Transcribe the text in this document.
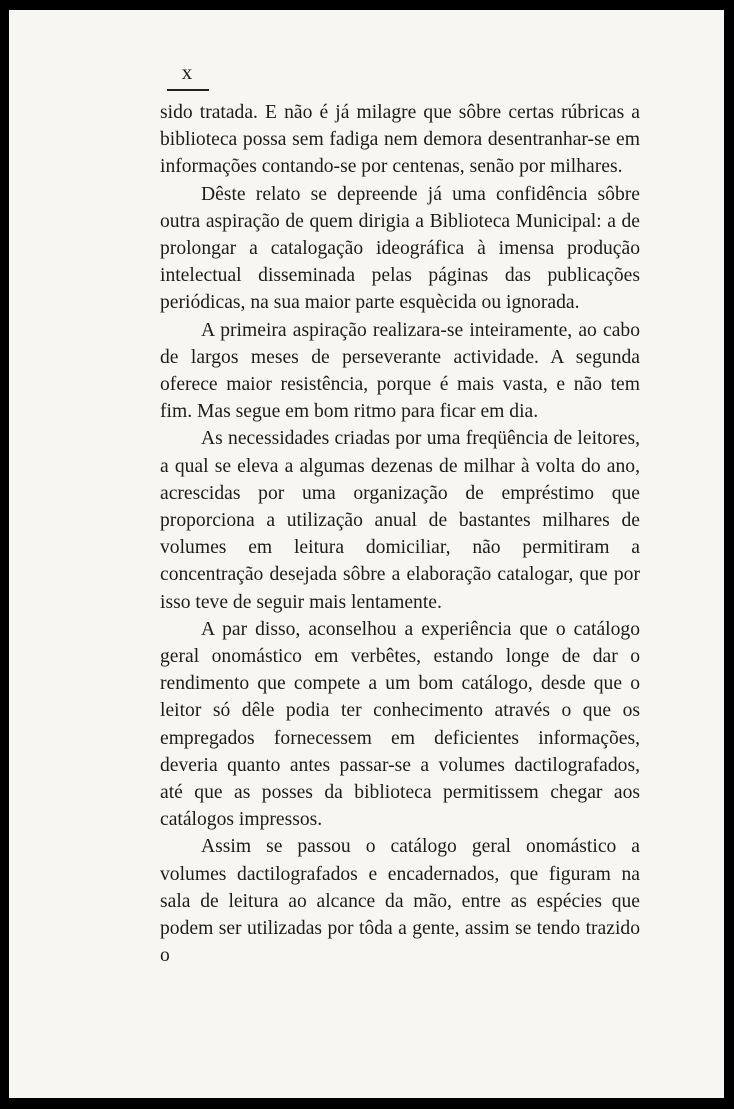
x

sido tratada. E não é já milagre que sôbre certas rúbricas a biblioteca possa sem fadiga nem demora desentranhar-se em informações contando-se por centenas, senão por milhares.

Dêste relato se depreende já uma confidência sôbre outra aspiração de quem dirigia a Biblioteca Municipal: a de prolongar a catalogação ideográfica à imensa produção intelectual disseminada pelas páginas das publicações periódicas, na sua maior parte esquècida ou ignorada.

A primeira aspiração realizara-se inteiramente, ao cabo de largos meses de perseverante actividade. A segunda oferece maior resistência, porque é mais vasta, e não tem fim. Mas segue em bom ritmo para ficar em dia.

As necessidades criadas por uma freqüência de leitores, a qual se eleva a algumas dezenas de milhar à volta do ano, acrescidas por uma organização de empréstimo que proporciona a utilização anual de bastantes milhares de volumes em leitura domiciliar, não permitiram a concentração desejada sôbre a elaboração catalogar, que por isso teve de seguir mais lentamente.

A par disso, aconselhou a experiência que o catálogo geral onomástico em verbêtes, estando longe de dar o rendimento que compete a um bom catálogo, desde que o leitor só dêle podia ter conhecimento através o que os empregados fornecessem em deficientes informações, deveria quanto antes passar-se a volumes dactilografados, até que as posses da biblioteca permitissem chegar aos catálogos impressos.

Assim se passou o catálogo geral onomástico a volumes dactilografados e encadernados, que figuram na sala de leitura ao alcance da mão, entre as espécies que podem ser utilizadas por tôda a gente, assim se tendo trazido o
